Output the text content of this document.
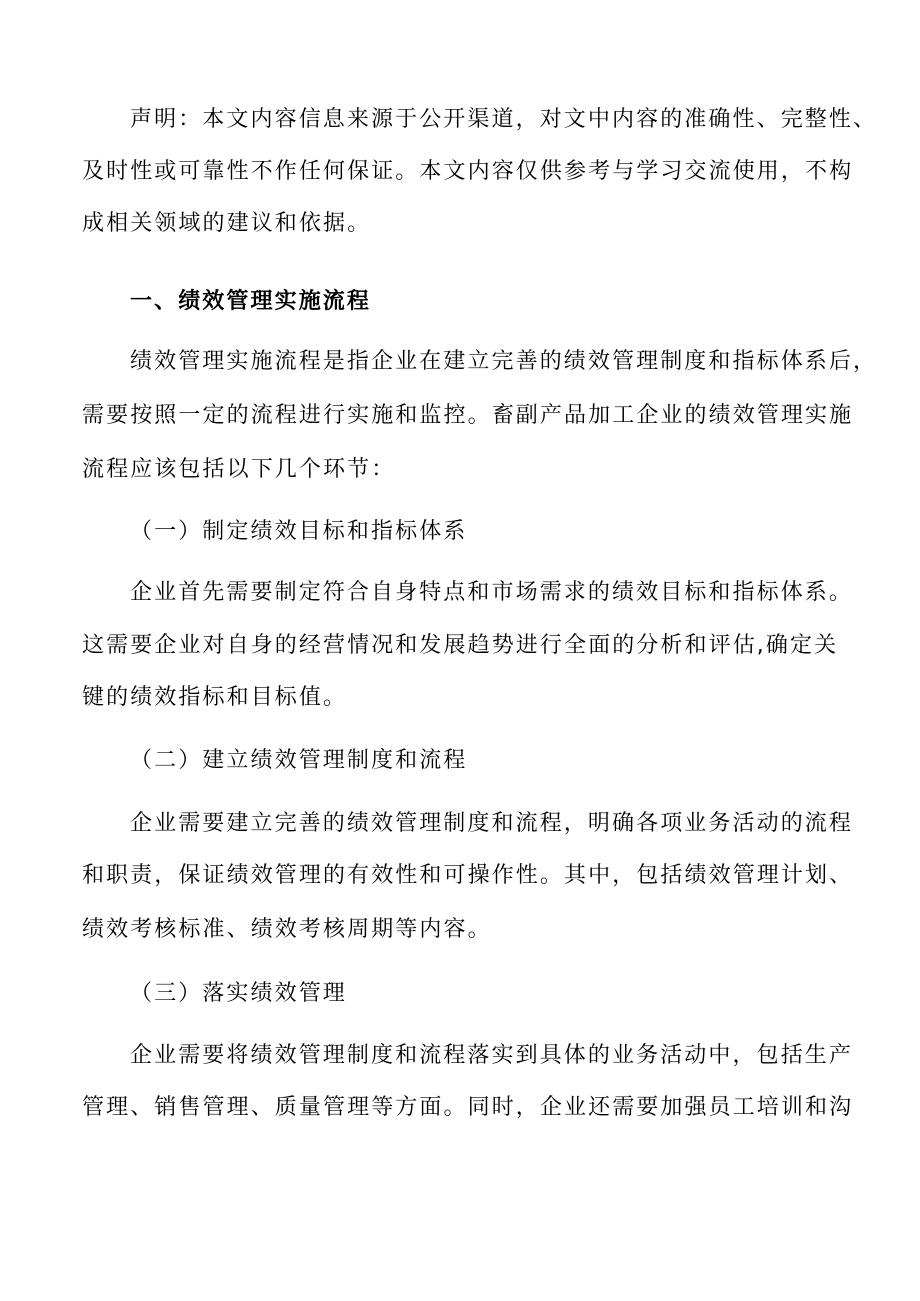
声明：本文内容信息来源于公开渠道，对文中内容的准确性、完整性、
及时性或可靠性不作任何保证。本文内容仅供参考与学习交流使用，不构
成相关领域的建议和依据。
一、绩效管理实施流程
绩效管理实施流程是指企业在建立完善的绩效管理制度和指标体系后，
需要按照一定的流程进行实施和监控。畜副产品加工企业的绩效管理实施
流程应该包括以下几个环节：
（一）制定绩效目标和指标体系
企业首先需要制定符合自身特点和市场需求的绩效目标和指标体系。
这需要企业对自身的经营情况和发展趋势进行全面的分析和评估,确定关
键的绩效指标和目标值。
（二）建立绩效管理制度和流程
企业需要建立完善的绩效管理制度和流程，明确各项业务活动的流程
和职责，保证绩效管理的有效性和可操作性。其中，包括绩效管理计划、
绩效考核标准、绩效考核周期等内容。
（三）落实绩效管理
企业需要将绩效管理制度和流程落实到具体的业务活动中，包括生产
管理、销售管理、质量管理等方面。同时，企业还需要加强员工培训和沟
